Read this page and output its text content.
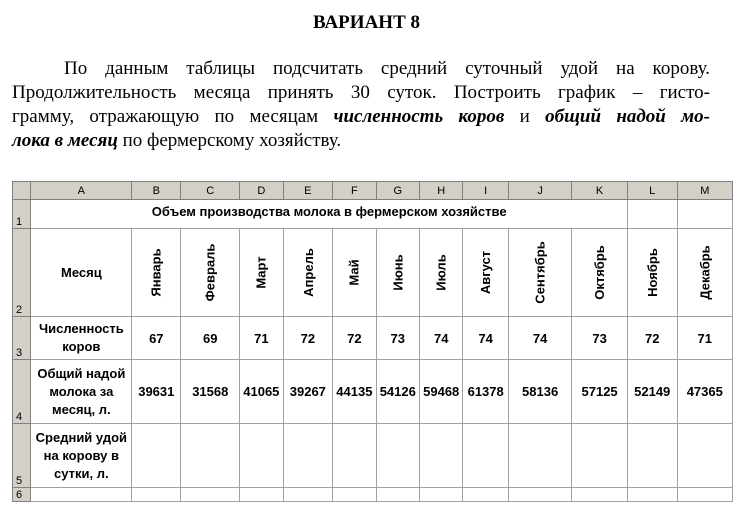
ВАРИАНТ 8
По данным таблицы подсчитать средний суточный удой на корову.
Продолжительность месяца принять 30 суток. Построить график – гисто-
грамму, отражающую по месяцам численность коров и общий надой мо-
лока в месяц по фермерскому хозяйству.
	A	B	C	D	E	F	G	H	I	J	K	L	M
1	Объем производства молока в фермерском хозяйстве												
2	Месяц	Январь	Февраль	Март	Апрель	Май	Июнь	Июль	Август	Сентябрь	Октябрь	Ноябрь	Декабрь

3	Численность
коров	67	69	71	72	72	73	74	74	74	73	72	71
4	Общий надой
молока за
месяц, л.	39631	31568	41065	39267	44135	54126	59468	61378	58136	57125	52149	47365
5	Средний удой
на корову в
сутки, л.												

6													
